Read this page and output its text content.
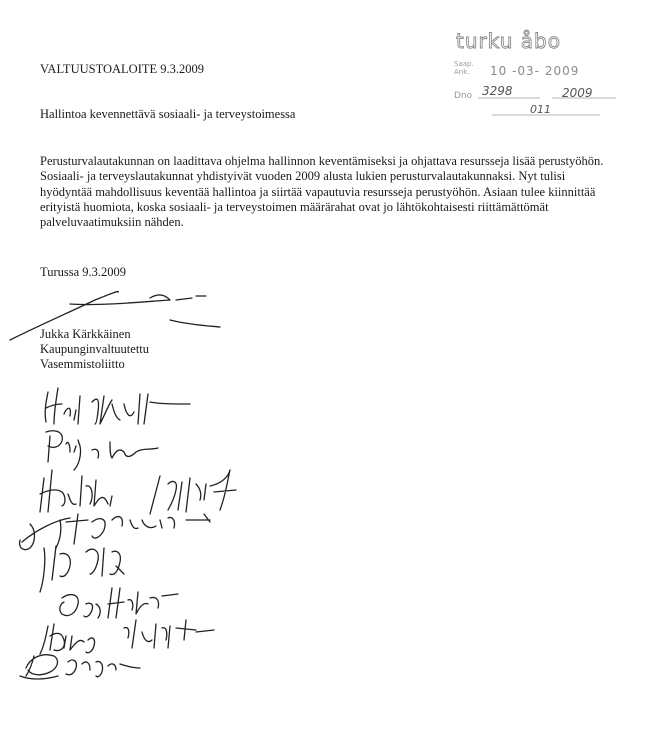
VALTUUSTOALOITE 9.3.2009
Hallintoa kevennettävä sosiaali- ja terveystoimessa
Perusturvalautakunnan on laadittava ohjelma hallinnon keventämiseksi ja ohjattava resursseja lisää perustyöhön. Sosiaali- ja terveyslautakunnat yhdistyivät vuoden 2009 alusta lukien perusturvalautakunnaksi. Nyt tulisi hyödyntää mahdollisuus keventää hallintoa ja siirtää vapautuvia resursseja perustyöhön. Asiaan tulee kiinnittää erityistä huomiota, koska sosiaali- ja terveystoimen määrärahat ovat jo lähtökohtaisesti riittämättömät palveluvaatimuksiin nähden.
Turussa 9.3.2009
Jukka Kärkkäinen
Kaupunginvaltuutettu
Vasemmistoliitto
turku åbo
Saap.
Ank. 10 -03- 2009
Dno 3298	2009
011
